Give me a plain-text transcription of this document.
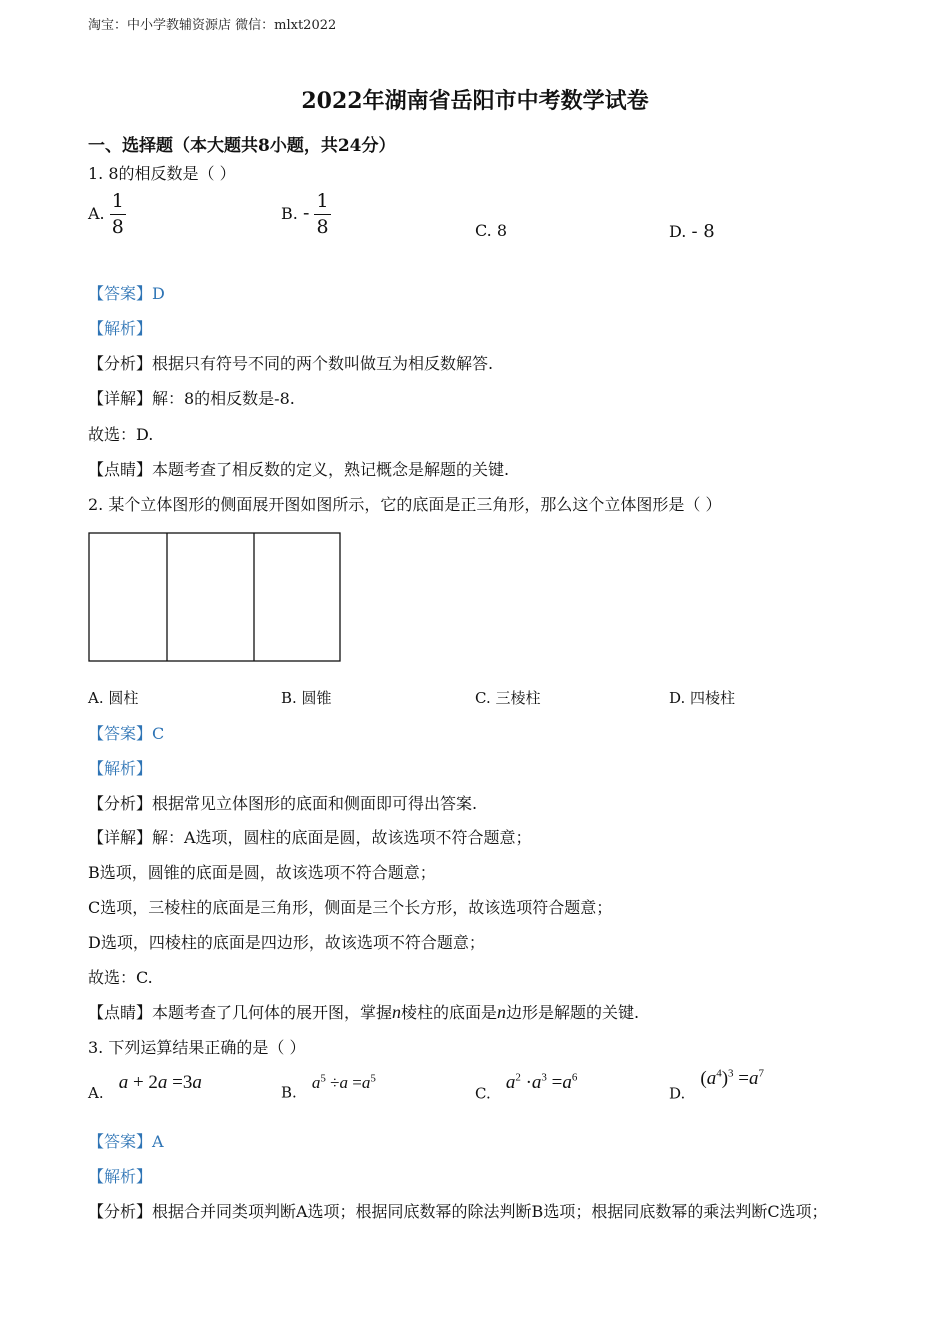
淘宝：中小学教辅资源店 微信：mlxt2022
2022年湖南省岳阳市中考数学试卷
一、选择题（本大题共8小题，共24分）
1. 8的相反数是（ ）
A. $\frac{1}{8}$	B. - $\frac{1}{8}$	C. 8	D. - 8
【答案】D
【解析】
【分析】根据只有符号不同的两个数叫做互为相反数解答.
【详解】解：8的相反数是-8.
故选：D.
【点睛】本题考查了相反数的定义，熟记概念是解题的关键.
2. 某个立体图形的侧面展开图如图所示，它的底面是正三角形，那么这个立体图形是（ ）
A. 圆柱	B. 圆锥	C. 三棱柱	D. 四棱柱
【答案】C
【解析】
【分析】根据常见立体图形的底面和侧面即可得出答案.
【详解】解：A选项，圆柱的底面是圆，故该选项不符合题意；
B选项，圆锥的底面是圆，故该选项不符合题意；
C选项，三棱柱的底面是三角形，侧面是三个长方形，故该选项符合题意；
D选项，四棱柱的底面是四边形，故该选项不符合题意；
故选：C.
【点睛】本题考查了几何体的展开图，掌握n棱柱的底面是n边形是解题的关键.
3. 下列运算结果正确的是（ ）
A. a + 2a =3a	B. $a^5 \div a =a^5$
C. $a^2 \cdot a^3 =a^6$
D. $(a^4)^3 =a^7$
【答案】A
【解析】
【分析】根据合并同类项判断A选项；根据同底数幂的除法判断B选项；根据同底数幂的乘法判断C选项；
